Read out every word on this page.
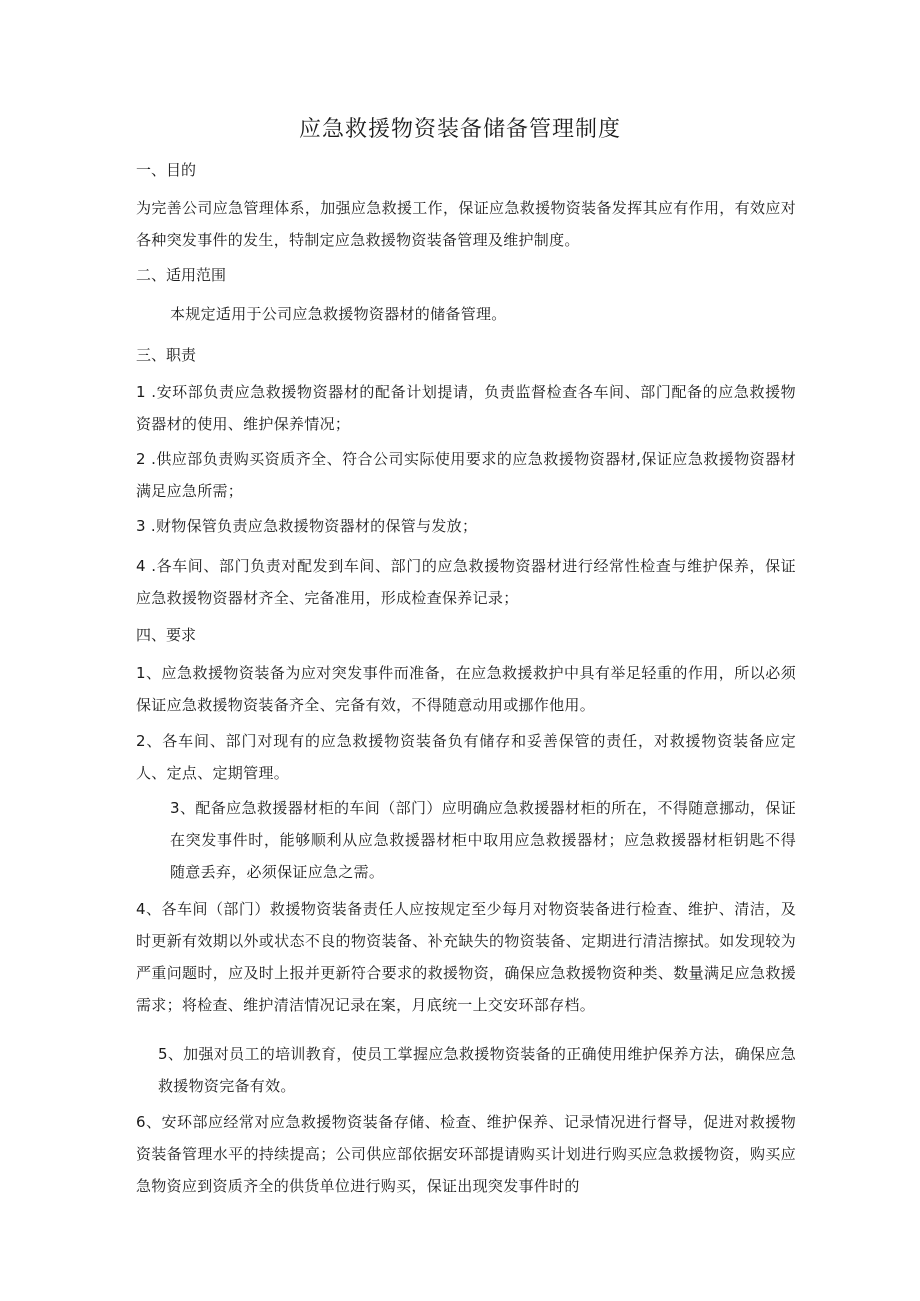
应急救援物资装备储备管理制度

一、目的

为完善公司应急管理体系，加强应急救援工作，保证应急救援物资装备发挥其应有作用，有效应对各种突发事件的发生，特制定应急救援物资装备管理及维护制度。

二、适用范围

本规定适用于公司应急救援物资器材的储备管理。

三、职责

1 .安环部负责应急救援物资器材的配备计划提请，负责监督检查各车间、部门配备的应急救援物资器材的使用、维护保养情况；

2 .供应部负责购买资质齐全、符合公司实际使用要求的应急救援物资器材,保证应急救援物资器材满足应急所需；

3 .财物保管负责应急救援物资器材的保管与发放；

4 .各车间、部门负责对配发到车间、部门的应急救援物资器材进行经常性检查与维护保养，保证应急救援物资器材齐全、完备准用，形成检查保养记录；

四、要求

1、应急救援物资装备为应对突发事件而准备，在应急救援救护中具有举足轻重的作用，所以必须保证应急救援物资装备齐全、完备有效，不得随意动用或挪作他用。

2、各车间、部门对现有的应急救援物资装备负有储存和妥善保管的责任，对救援物资装备应定人、定点、定期管理。

3、配备应急救援器材柜的车间（部门）应明确应急救援器材柜的所在，不得随意挪动，保证在突发事件时，能够顺利从应急救援器材柜中取用应急救援器材；应急救援器材柜钥匙不得随意丢弃，必须保证应急之需。

4、各车间（部门）救援物资装备责任人应按规定至少每月对物资装备进行检查、维护、清洁，及时更新有效期以外或状态不良的物资装备、补充缺失的物资装备、定期进行清洁擦拭。如发现较为严重问题时，应及时上报并更新符合要求的救援物资，确保应急救援物资种类、数量满足应急救援需求；将检查、维护清洁情况记录在案，月底统一上交安环部存档。

5、加强对员工的培训教育，使员工掌握应急救援物资装备的正确使用维护保养方法，确保应急救援物资完备有效。

6、安环部应经常对应急救援物资装备存储、检查、维护保养、记录情况进行督导，促进对救援物资装备管理水平的持续提高；公司供应部依据安环部提请购买计划进行购买应急救援物资，购买应急物资应到资质齐全的供货单位进行购买，保证出现突发事件时的
